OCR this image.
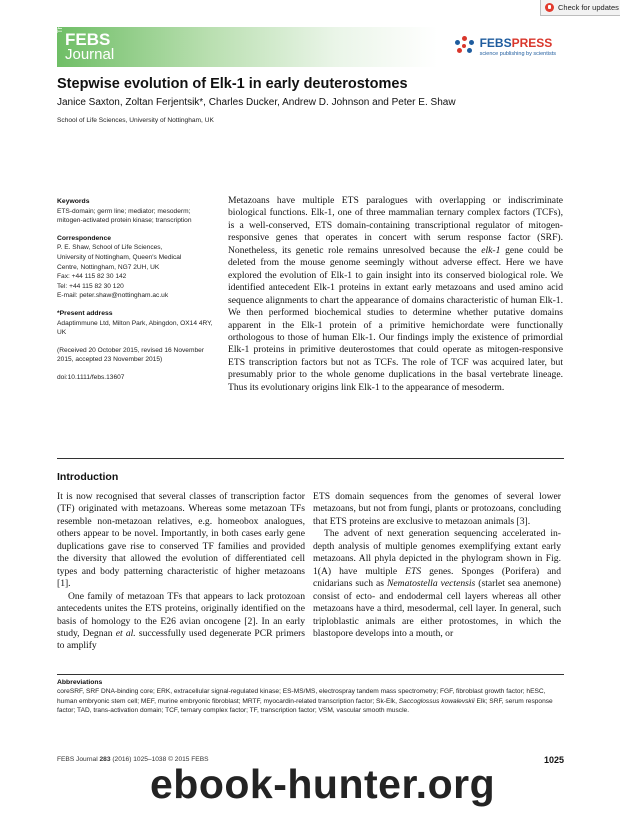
Check for updates
The
FEBS
Journal
FEBSPRESS
science publishing by scientists
Stepwise evolution of Elk-1 in early deuterostomes
Janice Saxton, Zoltan Ferjentsik*, Charles Ducker, Andrew D. Johnson and Peter E. Shaw
School of Life Sciences, University of Nottingham, UK
Keywords

ETS-domain; germ line; mediator; mesoderm; mitogen-activated protein kinase; transcription

Correspondence

P. E. Shaw, School of Life Sciences,

University of Nottingham, Queen's Medical

Centre, Nottingham, NG7 2UH, UK

Fax: +44 115 82 30 142

Tel: +44 115 82 30 120

E-mail: peter.shaw@nottingham.ac.uk

*Present address

Adaptimmune Ltd, Milton Park, Abingdon, OX14 4RY, UK

(Received 20 October 2015, revised 16 November 2015, accepted 23 November 2015)

doi:10.1111/febs.13607

Metazoans have multiple ETS paralogues with overlapping or indiscriminate biological functions. Elk-1, one of three mammalian ternary complex factors (TCFs), is a well-conserved, ETS domain-containing transcriptional regulator of mitogen-responsive genes that operates in concert with serum response factor (SRF). Nonetheless, its genetic role remains unresolved because the elk-1 gene could be deleted from the mouse genome seemingly without adverse effect. Here we have explored the evolution of Elk-1 to gain insight into its conserved biological role. We identified antecedent Elk-1 proteins in extant early metazoans and used amino acid sequence alignments to chart the appearance of domains characteristic of human Elk-1. We then performed biochemical studies to determine whether putative domains apparent in the Elk-1 protein of a primitive hemichordate were functionally orthologous to those of human Elk-1. Our findings imply the existence of primordial Elk-1 proteins in primitive deuterostomes that could operate as mitogen-responsive ETS transcription factors but not as TCFs. The role of TCF was acquired later, but presumably prior to the whole genome duplications in the basal vertebrate lineage. Thus its evolutionary origins link Elk-1 to the appearance of mesoderm.

Introduction

It is now recognised that several classes of transcription factor (TF) originated with metazoans. Whereas some metazoan TFs resemble non-metazoan relatives, e.g. homeobox analogues, others appear to be novel. Importantly, in both cases early gene duplications gave rise to conserved TF families and provided the diversity that allowed the evolution of differentiated cell types and body patterning characteristic of higher metazoans [1].

One family of metazoan TFs that appears to lack protozoan antecedents unites the ETS proteins, originally identified on the basis of homology to the E26 avian oncogene [2]. In an early study, Degnan et al. successfully used degenerate PCR primers to amplify

ETS domain sequences from the genomes of several lower metazoans, but not from fungi, plants or protozoans, concluding that ETS proteins are exclusive to metazoan animals [3].

The advent of next generation sequencing accelerated in-depth analysis of multiple genomes exemplifying extant early metazoans. All phyla depicted in the phylogram shown in Fig. 1(A) have multiple ETS genes. Sponges (Porifera) and cnidarians such as Nematostella vectensis (starlet sea anemone) consist of ecto- and endodermal cell layers whereas all other metazoans have a third, mesodermal, cell layer. In general, such triploblastic animals are either protostomes, in which the blastopore develops into a mouth, or

Abbreviations

coreSRF, SRF DNA-binding core; ERK, extracellular signal-regulated kinase; ES-MS/MS, electrospray tandem mass spectrometry; FGF, fibroblast growth factor; hESC, human embryonic stem cell; MEF, murine embryonic fibroblast; MRTF, myocardin-related transcription factor; Sk-Elk, Saccoglossus kowalevskii Elk; SRF, serum response factor; TAD, trans-activation domain; TCF, ternary complex factor; TF, transcription factor; VSM, vascular smooth muscle.

FEBS Journal 283 (2016) 1025–1038 © 2015 FEBS	1025

ebook-hunter.org
